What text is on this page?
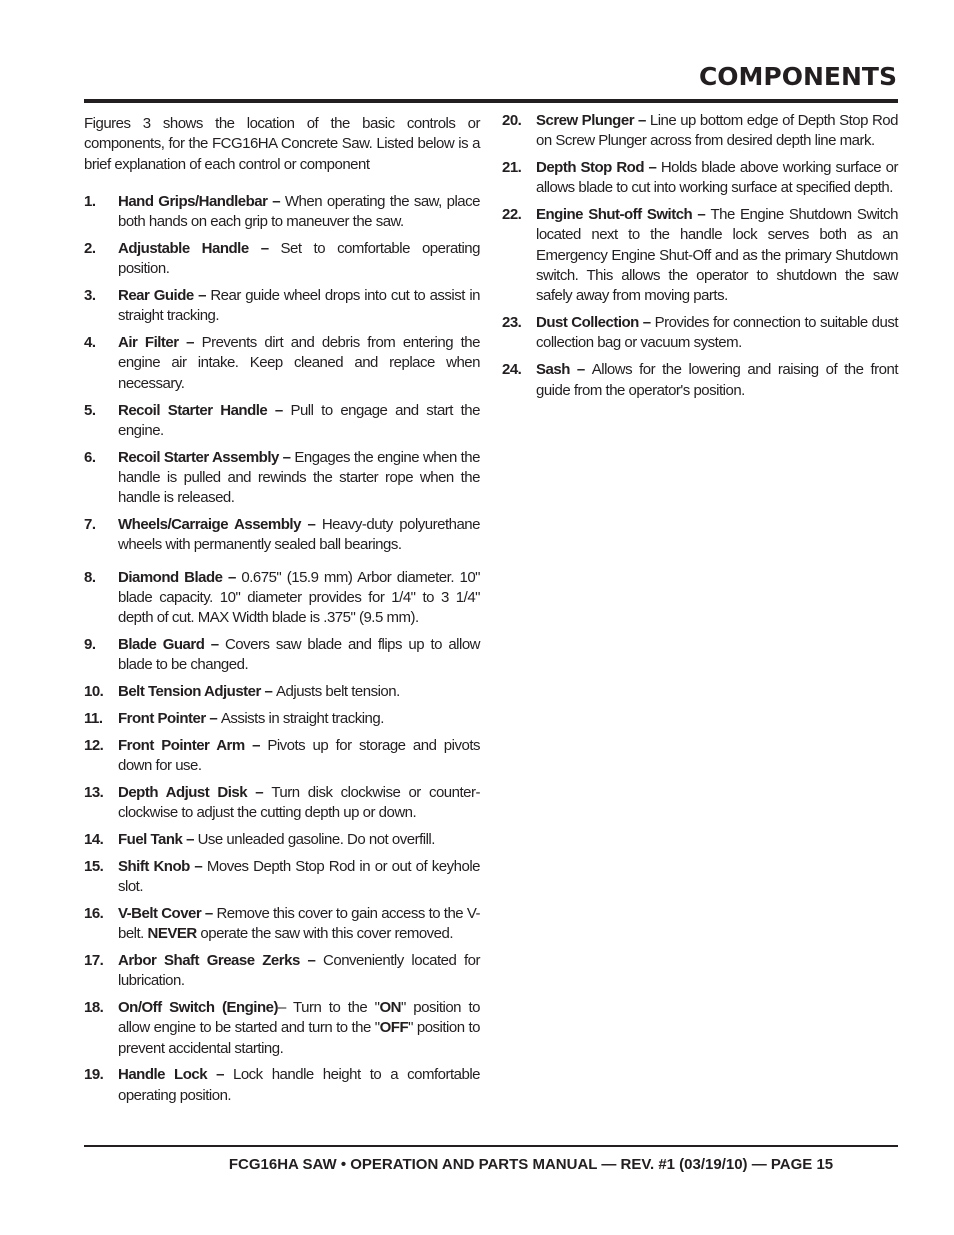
COMPONENTS

Figures 3 shows the location of the basic controls or components, for the FCG16HA Concrete Saw. Listed below is a brief explanation of each control or component

1.	Hand Grips/Handlebar – When operating the saw, place both hands on each grip to maneuver the saw.
2.	Adjustable Handle – Set to comfortable operating position.
3.	Rear Guide – Rear guide wheel drops into cut to assist in straight tracking.
4.	Air Filter – Prevents dirt and debris from entering the engine air intake. Keep cleaned and replace when necessary.
5.	Recoil Starter Handle – Pull to engage and start the engine.
6.	Recoil Starter Assembly – Engages the engine when the handle is pulled and rewinds the starter rope when the handle is released.
7.	Wheels/Carraige Assembly – Heavy-duty polyurethane wheels with permanently sealed ball bearings.
8.	Diamond Blade – 0.675" (15.9 mm) Arbor diameter. 10" blade capacity. 10" diameter provides for 1/4" to 3 1/4" depth of cut. MAX Width blade is .375" (9.5 mm).
9.	Blade Guard – Covers saw blade and flips up to allow blade to be changed.
10. Belt Tension Adjuster – Adjusts belt tension.
11.	Front Pointer – Assists in straight tracking.
12. Front Pointer Arm – Pivots up for storage and pivots down for use.
13. Depth Adjust Disk – Turn disk clockwise or counter-clockwise to adjust the cutting depth up or down.
14. Fuel Tank – Use unleaded gasoline. Do not overfill.
15. Shift Knob – Moves Depth Stop Rod in or out of keyhole slot.
16. V-Belt Cover – Remove this cover to gain access to the V-belt. NEVER operate the saw with this cover removed.
17. Arbor Shaft Grease Zerks – Conveniently located for lubrication.
18. On/Off Switch (Engine)– Turn to the "ON" position to allow engine to be started and turn to the "OFF" position to prevent accidental starting.
19. Handle Lock – Lock handle height to a comfortable operating position.
20. Screw Plunger – Line up bottom edge of Depth Stop Rod on Screw Plunger across from desired depth line mark.
21. Depth Stop Rod – Holds blade above working surface or allows blade to cut into working surface at specified depth.
22. Engine Shut-off Switch – The Engine Shutdown Switch located next to the handle lock serves both as an Emergency Engine Shut-Off and as the primary Shutdown switch. This allows the operator to shutdown the saw safely away from moving parts.
23. Dust Collection – Provides for connection to suitable dust collection bag or vacuum system.
24. Sash – Allows for the lowering and raising of the front guide from the operator's position.
FCG16HA SAW • OPERATION AND PARTS MANUAL — REV. #1 (03/19/10) — PAGE 15
